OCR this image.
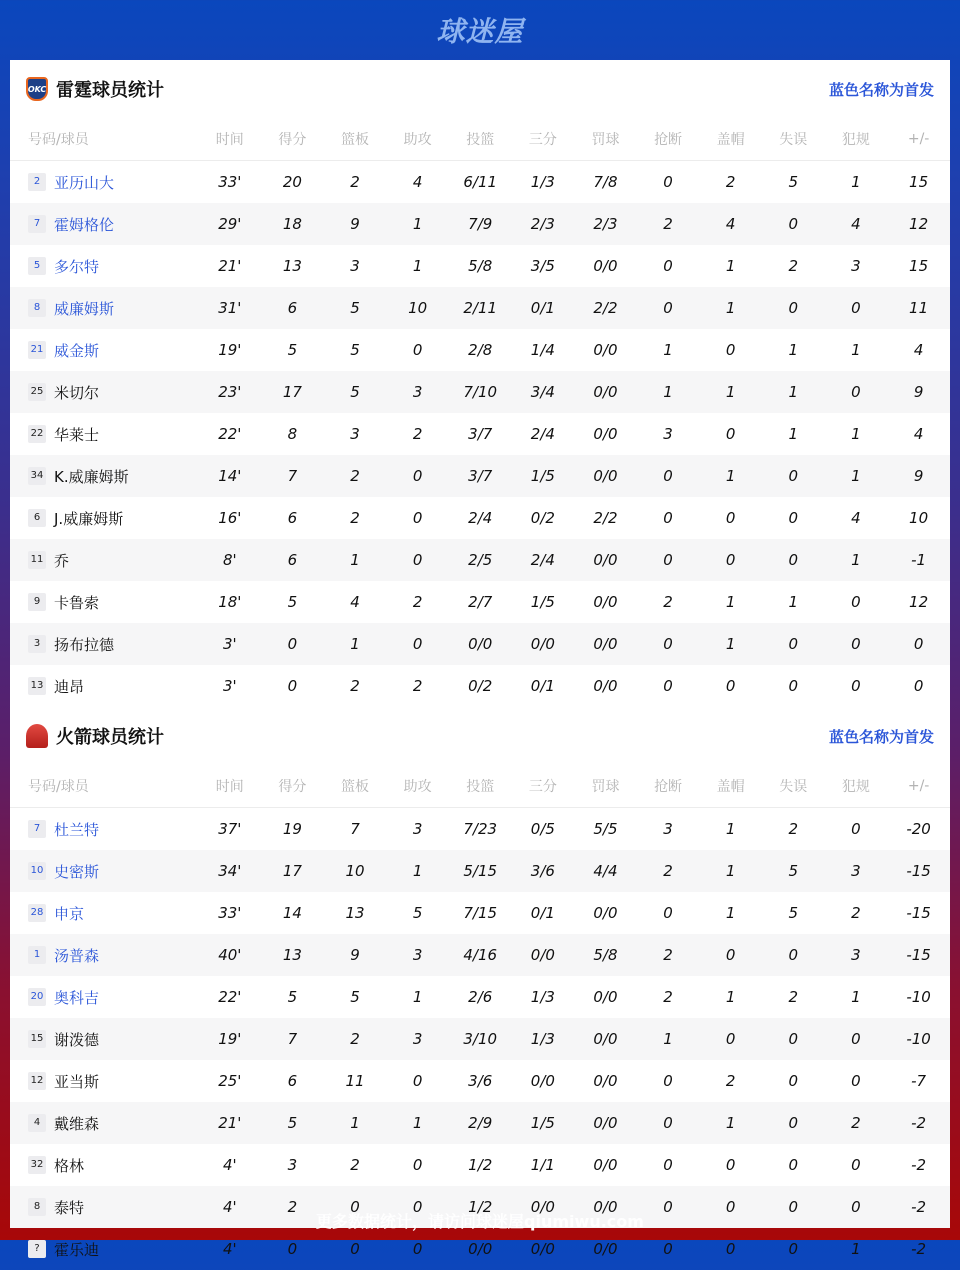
球迷屋
OKC 雷霆球员统计	蓝色名称为首发
号码/球员	时间	得分	篮板	助攻	投篮	三分	罚球	抢断	盖帽	失误	犯规	+/-
2 亚历山大	33'	20	2	4	6/11	1/3	7/8	0	2	5	1	15
7 霍姆格伦	29'	18	9	1	7/9	2/3	2/3	2	4	0	4	12
5 多尔特	21'	13	3	1	5/8	3/5	0/0	0	1	2	3	15
8 威廉姆斯	31'	6	5	10	2/11	0/1	2/2	0	1	0	0	11
21 威金斯	19'	5	5	0	2/8	1/4	0/0	1	0	1	1	4
25 米切尔	23'	17	5	3	7/10	3/4	0/0	1	1	1	0	9
22 华莱士	22'	8	3	2	3/7	2/4	0/0	3	0	1	1	4
34 K.威廉姆斯	14'	7	2	0	3/7	1/5	0/0	0	1	0	1	9
6 J.威廉姆斯	16'	6	2	0	2/4	0/2	2/2	0	0	0	4	10
11 乔	8'	6	1	0	2/5	2/4	0/0	0	0	0	1	-1
9 卡鲁索	18'	5	4	2	2/7	1/5	0/0	2	1	1	0	12
3 扬布拉德	3'	0	1	0	0/0	0/0	0/0	0	1	0	0	0
13 迪昂	3'	0	2	2	0/2	0/1	0/0	0	0	0	0	0
火箭球员统计	蓝色名称为首发
号码/球员	时间	得分	篮板	助攻	投篮	三分	罚球	抢断	盖帽	失误	犯规	+/-
7 杜兰特	37'	19	7	3	7/23	0/5	5/5	3	1	2	0	-20
10 史密斯	34'	17	10	1	5/15	3/6	4/4	2	1	5	3	-15
28 申京	33'	14	13	5	7/15	0/1	0/0	0	1	5	2	-15
1 汤普森	40'	13	9	3	4/16	0/0	5/8	2	0	0	3	-15
20 奥科吉	22'	5	5	1	2/6	1/3	0/0	2	1	2	1	-10
15 谢泼德	19'	7	2	3	3/10	1/3	0/0	1	0	0	0	-10
12 亚当斯	25'	6	11	0	3/6	0/0	0/0	0	2	0	0	-7
4 戴维森	21'	5	1	1	2/9	1/5	0/0	0	1	0	2	-2
32 格林	4'	3	2	0	1/2	1/1	0/0	0	0	0	0	-2
8 泰特	4'	2	0	0	1/2	0/0	0/0	0	0	0	0	-2
? 霍乐迪	4'	0	0	0	0/0	0/0	0/0	0	0	0	1	-2
更多数据统计，请访问球迷屋qiumiwu.com
